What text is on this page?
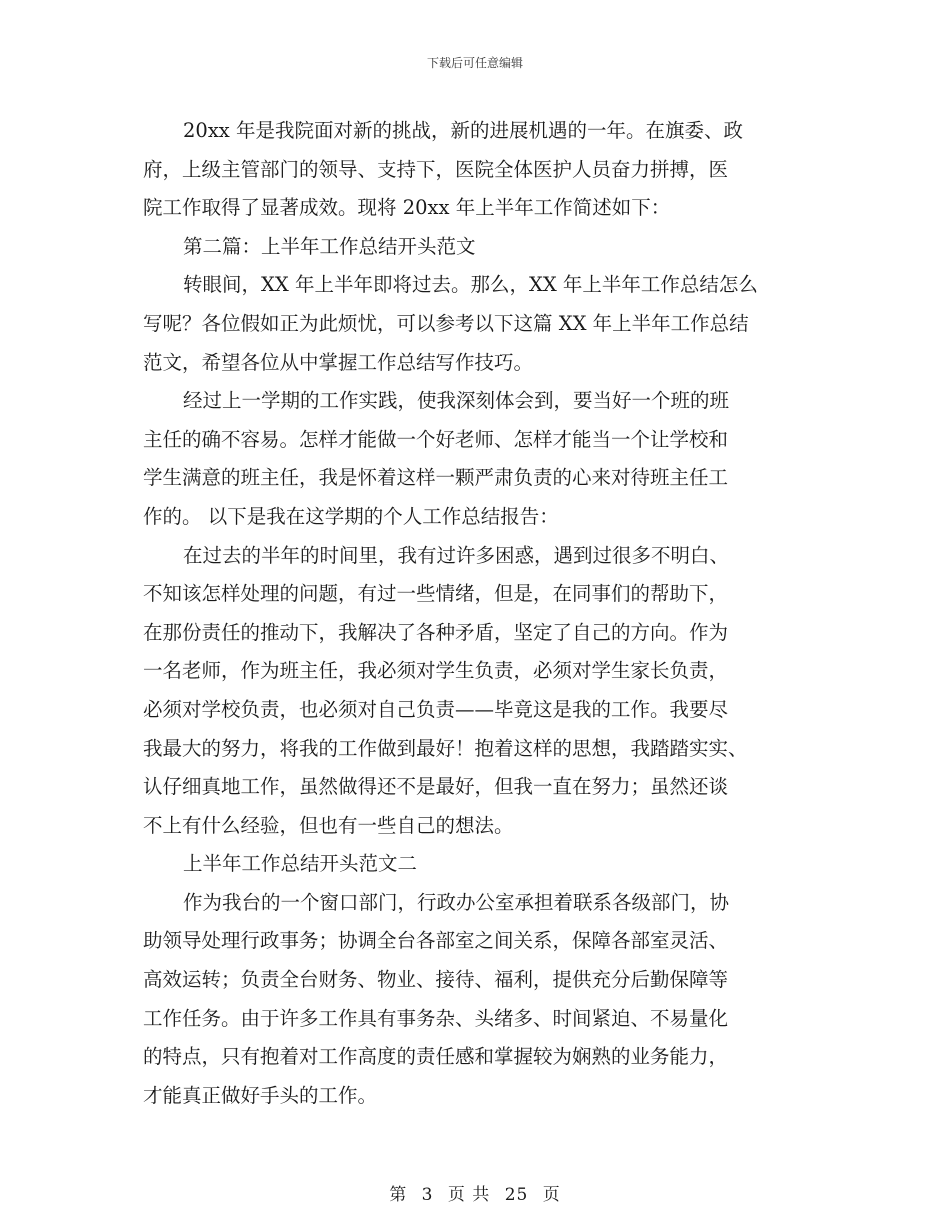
下载后可任意编辑
20xx 年是我院面对新的挑战，新的进展机遇的一年。在旗委、政
府，上级主管部门的领导、支持下，医院全体医护人员奋力拼搏，医
院工作取得了显著成效。现将 20xx 年上半年工作简述如下：
第二篇：上半年工作总结开头范文
转眼间，XX 年上半年即将过去。那么，XX 年上半年工作总结怎么
写呢？各位假如正为此烦忧，可以参考以下这篇 XX 年上半年工作总结
范文，希望各位从中掌握工作总结写作技巧。
经过上一学期的工作实践，使我深刻体会到，要当好一个班的班
主任的确不容易。怎样才能做一个好老师、怎样才能当一个让学校和
学生满意的班主任，我是怀着这样一颗严肃负责的心来对待班主任工
作的。 以下是我在这学期的个人工作总结报告：
在过去的半年的时间里，我有过许多困惑，遇到过很多不明白、
不知该怎样处理的问题，有过一些情绪，但是，在同事们的帮助下，
在那份责任的推动下，我解决了各种矛盾，坚定了自己的方向。作为
一名老师，作为班主任，我必须对学生负责，必须对学生家长负责，
必须对学校负责，也必须对自己负责——毕竟这是我的工作。我要尽
我最大的努力，将我的工作做到最好！抱着这样的思想，我踏踏实实、
认仔细真地工作，虽然做得还不是最好，但我一直在努力；虽然还谈
不上有什么经验，但也有一些自己的想法。
上半年工作总结开头范文二
作为我台的一个窗口部门，行政办公室承担着联系各级部门，协
助领导处理行政事务；协调全台各部室之间关系，保障各部室灵活、
高效运转；负责全台财务、物业、接待、福利，提供充分后勤保障等
工作任务。由于许多工作具有事务杂、头绪多、时间紧迫、不易量化
的特点，只有抱着对工作高度的责任感和掌握较为娴熟的业务能力，
才能真正做好手头的工作。
第 3 页 共 25 页
